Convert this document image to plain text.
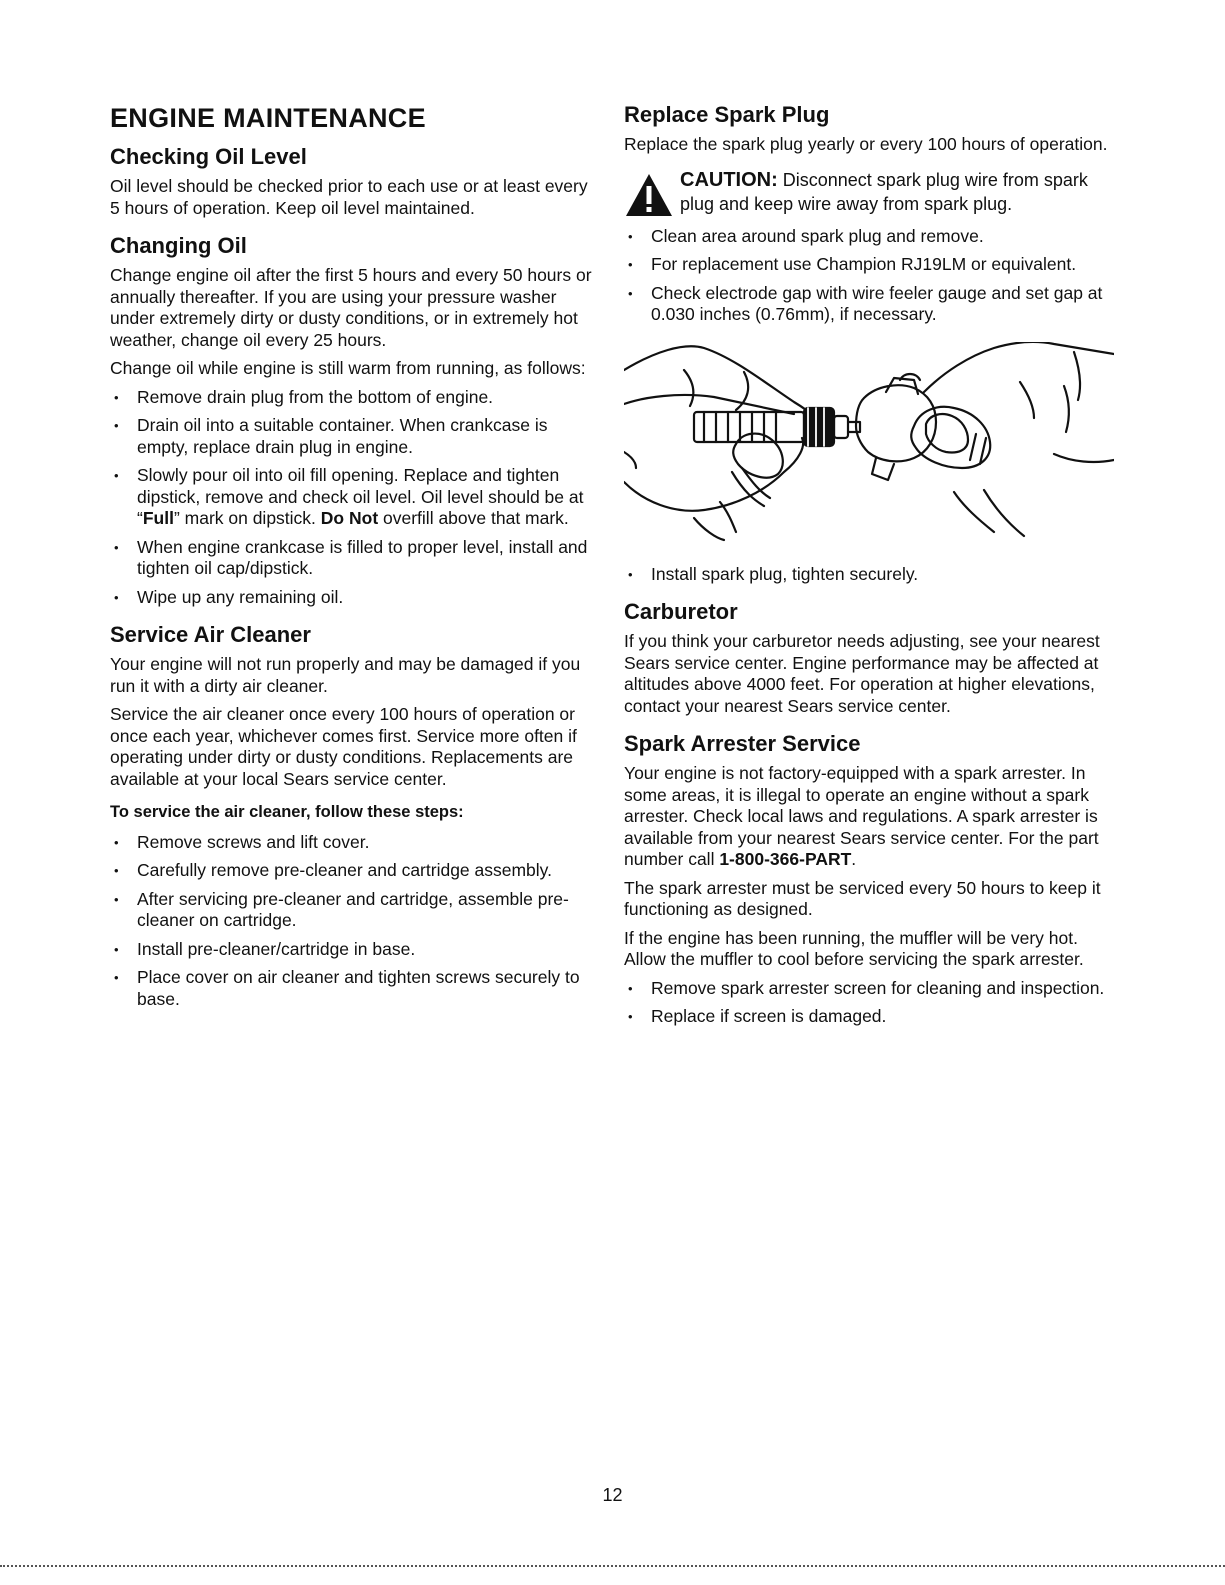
ENGINE MAINTENANCE
Checking Oil Level

Oil level should be checked prior to each use or at least every 5 hours of operation. Keep oil level maintained.

Changing Oil

Change engine oil after the first 5 hours and every 50 hours or annually thereafter. If you are using your pressure washer under extremely dirty or dusty conditions, or in extremely hot weather, change oil every 25 hours.

Change oil while engine is still warm from running, as follows:

• Remove drain plug from the bottom of engine.
• Drain oil into a suitable container. When crankcase is empty, replace drain plug in engine.
• Slowly pour oil into oil fill opening. Replace and tighten dipstick, remove and check oil level. Oil level should be at “Full” mark on dipstick. Do Not overfill above that mark.
• When engine crankcase is filled to proper level, install and tighten oil cap/dipstick.
• Wipe up any remaining oil.
Service Air Cleaner

Your engine will not run properly and may be damaged if you run it with a dirty air cleaner.

Service the air cleaner once every 100 hours of operation or once each year, whichever comes first. Service more often if operating under dirty or dusty conditions. Replacements are available at your local Sears service center.

To service the air cleaner, follow these steps:

• Remove screws and lift cover.
• Carefully remove pre-cleaner and cartridge assembly.
• After servicing pre-cleaner and cartridge, assemble pre-cleaner on cartridge.
• Install pre-cleaner/cartridge in base.
• Place cover on air cleaner and tighten screws securely to base.
Replace Spark Plug

Replace the spark plug yearly or every 100 hours of operation.

CAUTION: Disconnect spark plug wire from spark plug and keep wire away from spark plug.

• Clean area around spark plug and remove.
• For replacement use Champion RJ19LM or equivalent.
• Check electrode gap with wire feeler gauge and set gap at 0.030 inches (0.76mm), if necessary.
• Install spark plug, tighten securely.
Carburetor

If you think your carburetor needs adjusting, see your nearest Sears service center. Engine performance may be affected at altitudes above 4000 feet. For operation at higher elevations, contact your nearest Sears service center.

Spark Arrester Service

Your engine is not factory-equipped with a spark arrester. In some areas, it is illegal to operate an engine without a spark arrester. Check local laws and regulations. A spark arrester is available from your nearest Sears service center. For the part number call 1-800-366-PART.

The spark arrester must be serviced every 50 hours to keep it functioning as designed.

If the engine has been running, the muffler will be very hot. Allow the muffler to cool before servicing the spark arrester.

• Remove spark arrester screen for cleaning and inspection.
• Replace if screen is damaged.
12
